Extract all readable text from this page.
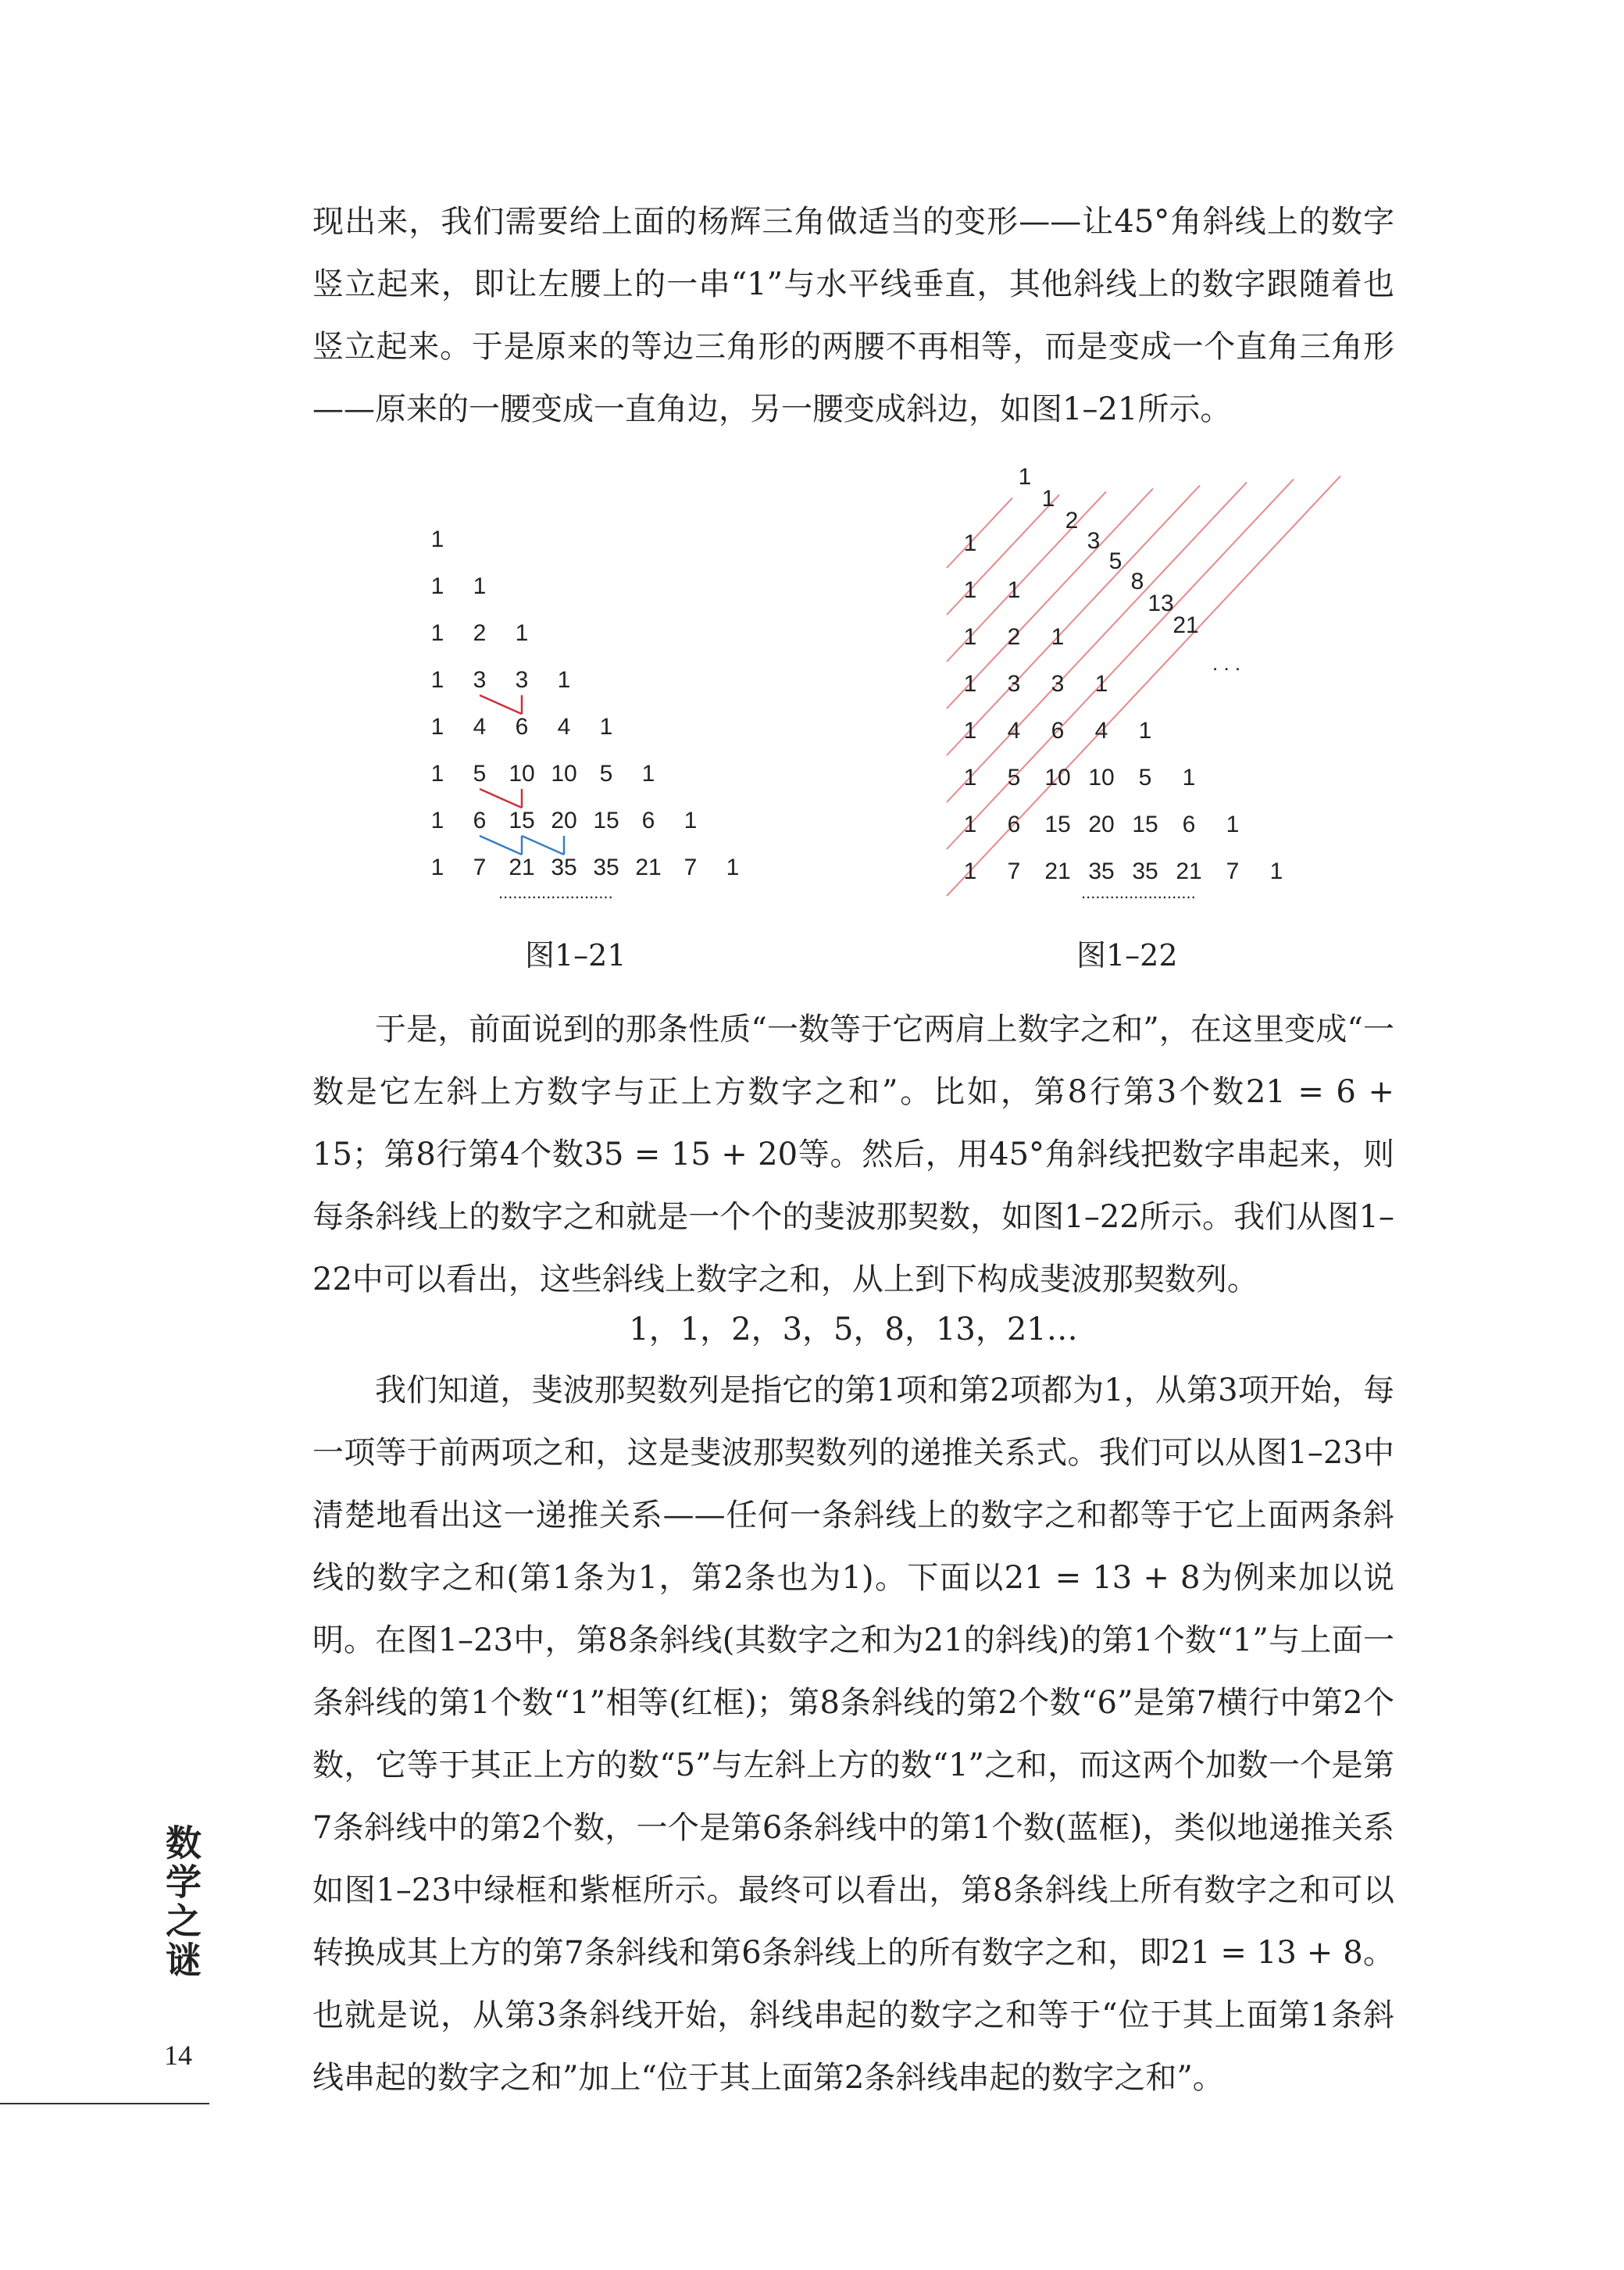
现出来，我们需要给上面的杨辉三角做适当的变形——让45°角斜线上的数字竖立起来，即让左腰上的一串“1”与水平线垂直，其他斜线上的数字跟随着也竖立起来。于是原来的等边三角形的两腰不再相等，而是变成一个直角三角形——原来的一腰变成一直角边，另一腰变成斜边，如图1–21所示。

1
1 1
1 2 1
1 3 3 1
1 4 6 4 1
1 5 10 10 5 1
1 6 15 20 15 6 1
1 7 21 35 35 21 7 1
........................
图1–21
1
1 1
1 2 1
1 3 3 1
1 4 6 4 1
1 5 10 10 5 1
1 6 15 20 15 6 1
1 7 21 35 35 21 7 1
1
1
2
3
5
8
13
21
. . .
........................
图1–22

于是，前面说到的那条性质“一数等于它两肩上数字之和”，在这里变成“一数是它左斜上方数字与正上方数字之和”。比如，第8行第3个数21 = 6 + 15；第8行第4个数35 = 15 + 20等。然后，用45°角斜线把数字串起来，则每条斜线上的数字之和就是一个个的斐波那契数，如图1–22所示。我们从图1–22中可以看出，这些斜线上数字之和，从上到下构成斐波那契数列。

1，1，2，3，5，8，13，21…

我们知道，斐波那契数列是指它的第1项和第2项都为1，从第3项开始，每一项等于前两项之和，这是斐波那契数列的递推关系式。我们可以从图1–23中清楚地看出这一递推关系——任何一条斜线上的数字之和都等于它上面两条斜线的数字之和(第1条为1，第2条也为1)。下面以21 = 13 + 8为例来加以说明。 在图1–23中，第8条斜线(其数字之和为21的斜线)的第1个数“1”与上面一条斜线的第1个数“1”相等(红框)；第8条斜线的第2个数“6”是第7横行中第2个数，它等于其正上方的数“5”与左斜上方的数“1”之和，而这两个加数一个是第7条斜线中的第2个数，一个是第6条斜线中的第1个数(蓝框)，类似地递推关系如图1–23中绿框和紫框所示。最终可以看出，第8条斜线上所有数字之和可以转换成其上方的第7条斜线和第6条斜线上的所有数字之和，即21 = 13 + 8。也就是说，从第3条斜线开始，斜线串起的数字之和等于“位于其上面第1条斜线串起的数字之和”加上“位于其上面第2条斜线串起的数字之和”。

数学之谜
14
